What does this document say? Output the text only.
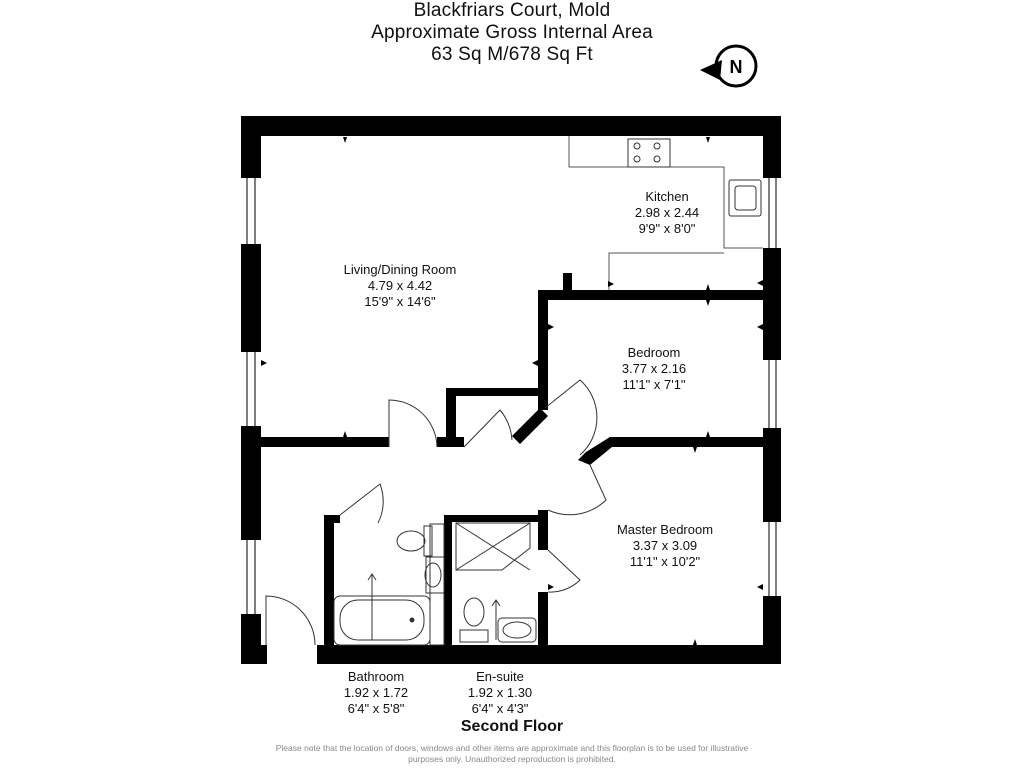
Blackfriars Court, Mold
Approximate Gross Internal Area
63 Sq M/678 Sq Ft
N
Living/Dining Room
4.79 x 4.42
15'9" x 14'6"
Kitchen
2.98 x 2.44
9'9" x 8'0"
Bedroom
3.77 x 2.16
11'1" x 7'1"
Master Bedroom
3.37 x 3.09
11'1" x 10'2"
Bathroom
1.92 x 1.72
6'4" x 5'8"
En-suite
1.92 x 1.30
6'4" x 4'3"
Second Floor
Please note that the location of doors, windows and other items are approximate and this floorplan is to be used for illustrative
purposes only. Unauthorized reproduction is prohibited.
